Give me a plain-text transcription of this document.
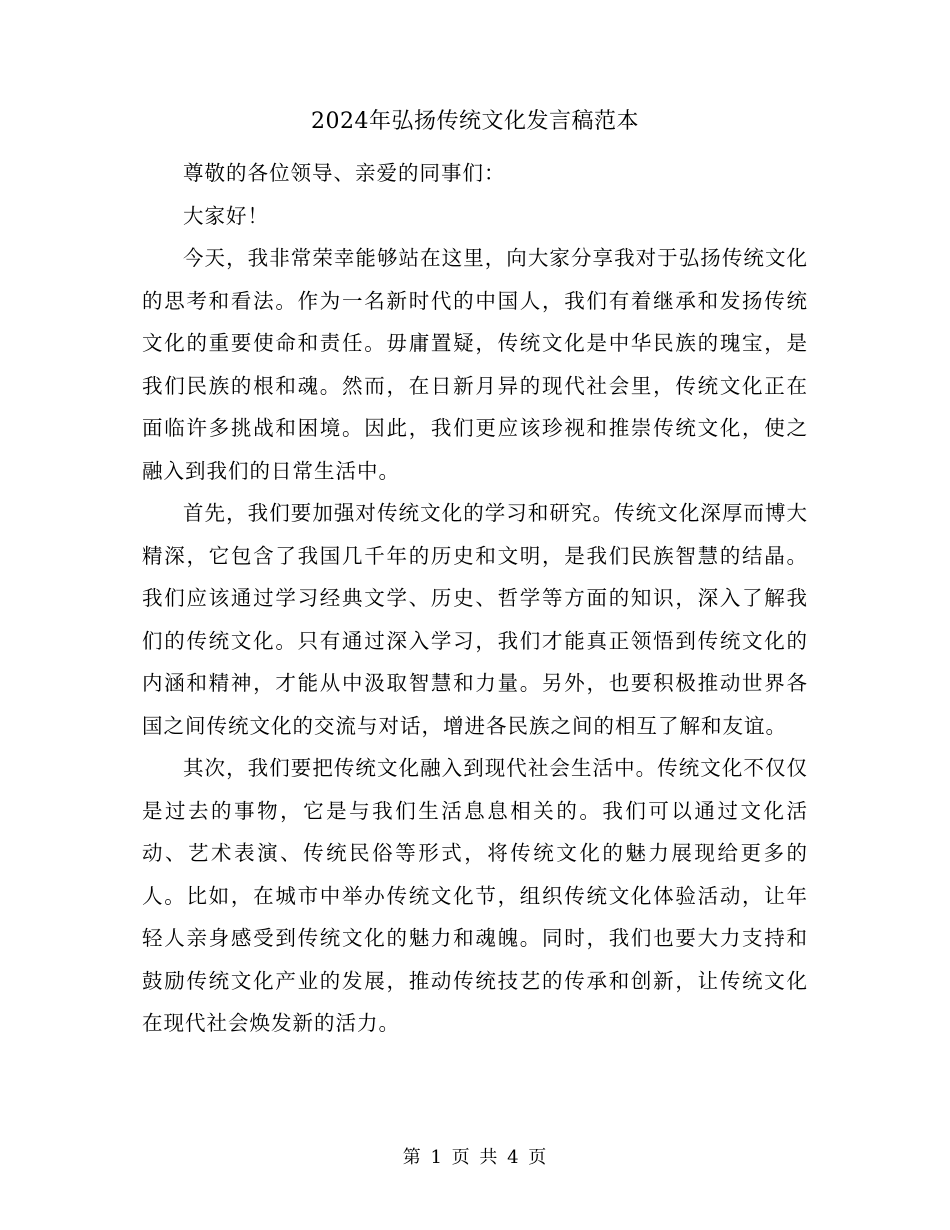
2024年弘扬传统文化发言稿范本

尊敬的各位领导、亲爱的同事们：

大家好！

今天，我非常荣幸能够站在这里，向大家分享我对于弘扬传统文化的思考和看法。作为一名新时代的中国人，我们有着继承和发扬传统文化的重要使命和责任。毋庸置疑，传统文化是中华民族的瑰宝，是我们民族的根和魂。然而，在日新月异的现代社会里，传统文化正在面临许多挑战和困境。因此，我们更应该珍视和推崇传统文化，使之融入到我们的日常生活中。

首先，我们要加强对传统文化的学习和研究。传统文化深厚而博大精深，它包含了我国几千年的历史和文明，是我们民族智慧的结晶。我们应该通过学习经典文学、历史、哲学等方面的知识，深入了解我们的传统文化。只有通过深入学习，我们才能真正领悟到传统文化的内涵和精神，才能从中汲取智慧和力量。另外，也要积极推动世界各国之间传统文化的交流与对话，增进各民族之间的相互了解和友谊。

其次，我们要把传统文化融入到现代社会生活中。传统文化不仅仅是过去的事物，它是与我们生活息息相关的。我们可以通过文化活动、艺术表演、传统民俗等形式，将传统文化的魅力展现给更多的人。比如，在城市中举办传统文化节，组织传统文化体验活动，让年轻人亲身感受到传统文化的魅力和魂魄。同时，我们也要大力支持和鼓励传统文化产业的发展，推动传统技艺的传承和创新，让传统文化在现代社会焕发新的活力。

第 1 页 共 4 页
